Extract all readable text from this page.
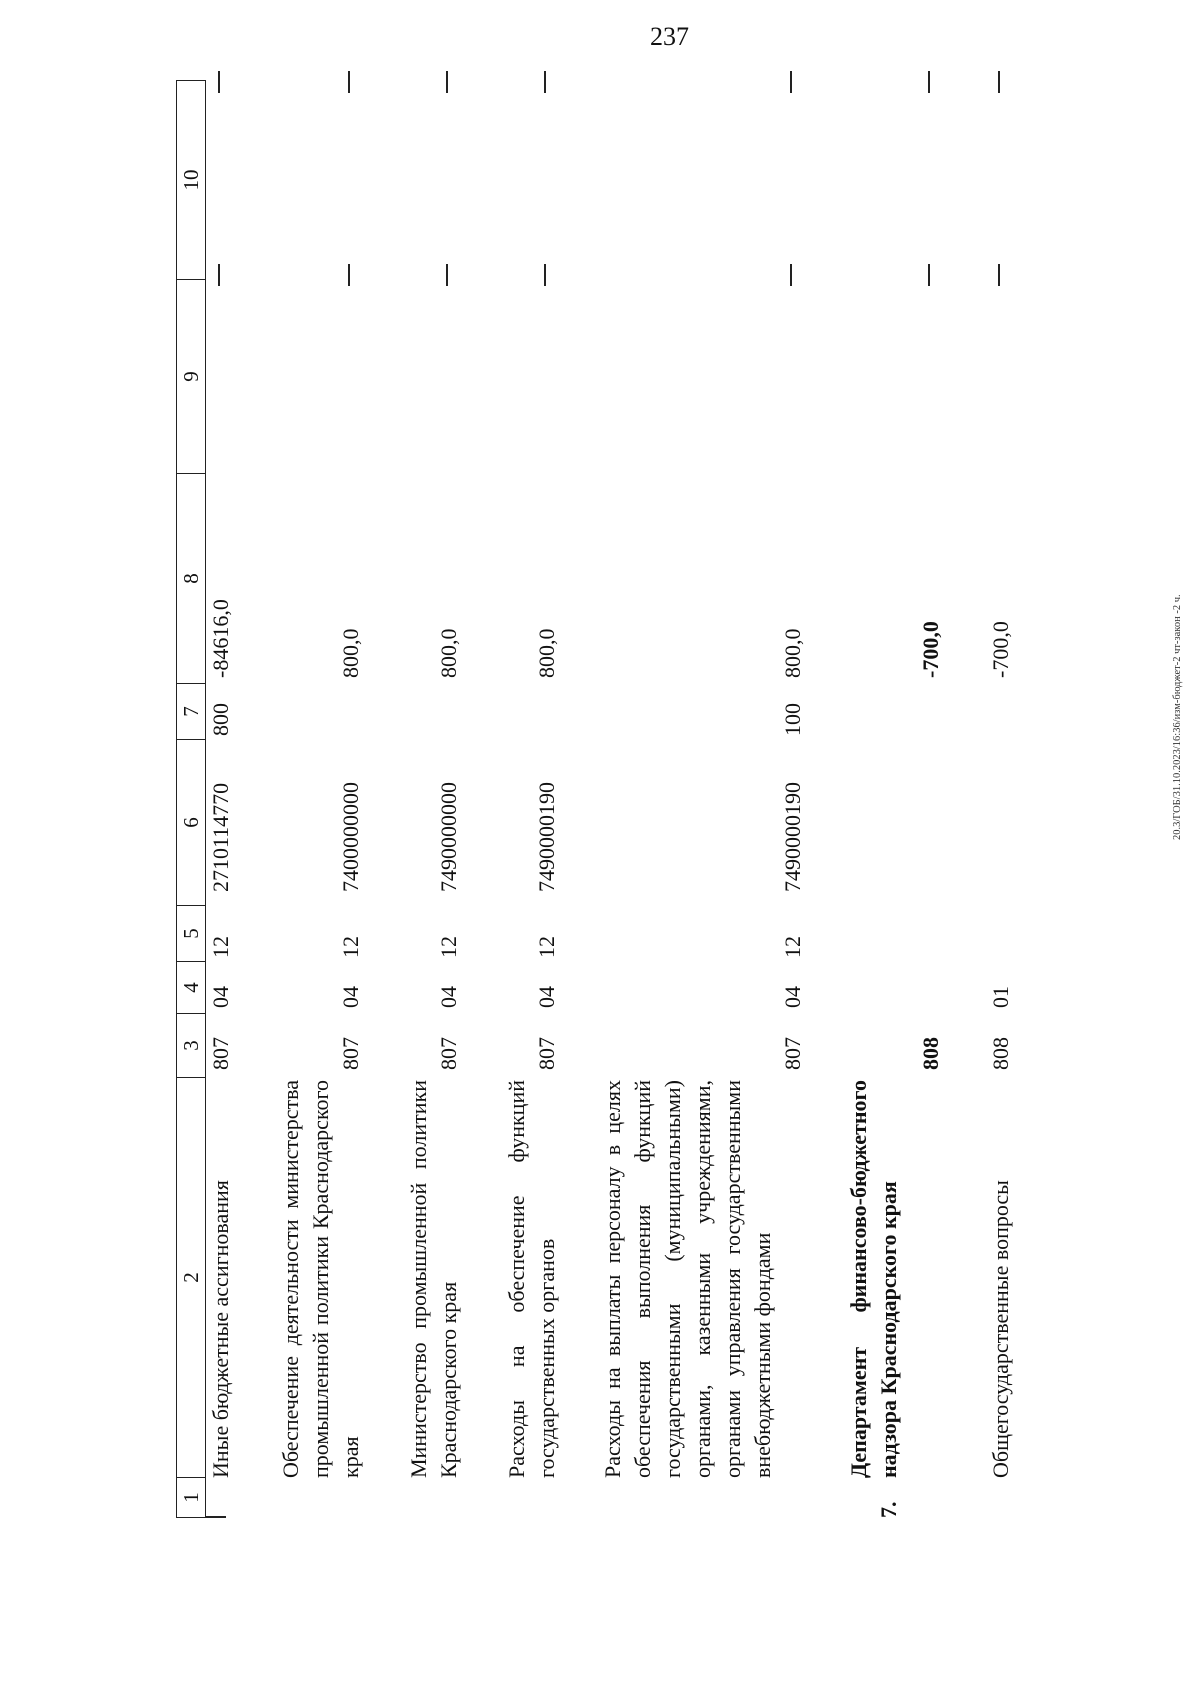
237
20.3/ГОБ/31.10.2023/16:36/изм-бюджет-2 чт-закон -2 ч.
1
2
3
4
5
6
7
8
9
10
Иные бюджетные ассигнования
807
04
12
2710114770
800
-84616,0
Обеспечение деятельности министерства промышленной политики Краснодарского края
807
04
12
7400000000
800,0
Министерство промышленной политики Краснодарского края
807
04
12
7490000000
800,0
Расходы на обеспечение функций государственных органов
807
04
12
7490000190
800,0
Расходы на выплаты персоналу в целях обеспечения выполнения функций государственными (муниципальными) органами, казенными учреждениями, органами управления государственными внебюджетными фондами
807
04
12
7490000190
100
800,0
7.
Департамент финансово-бюджетного надзора Краснодарского края
808
-700,0
Общегосударственные вопросы
808
01
-700,0
